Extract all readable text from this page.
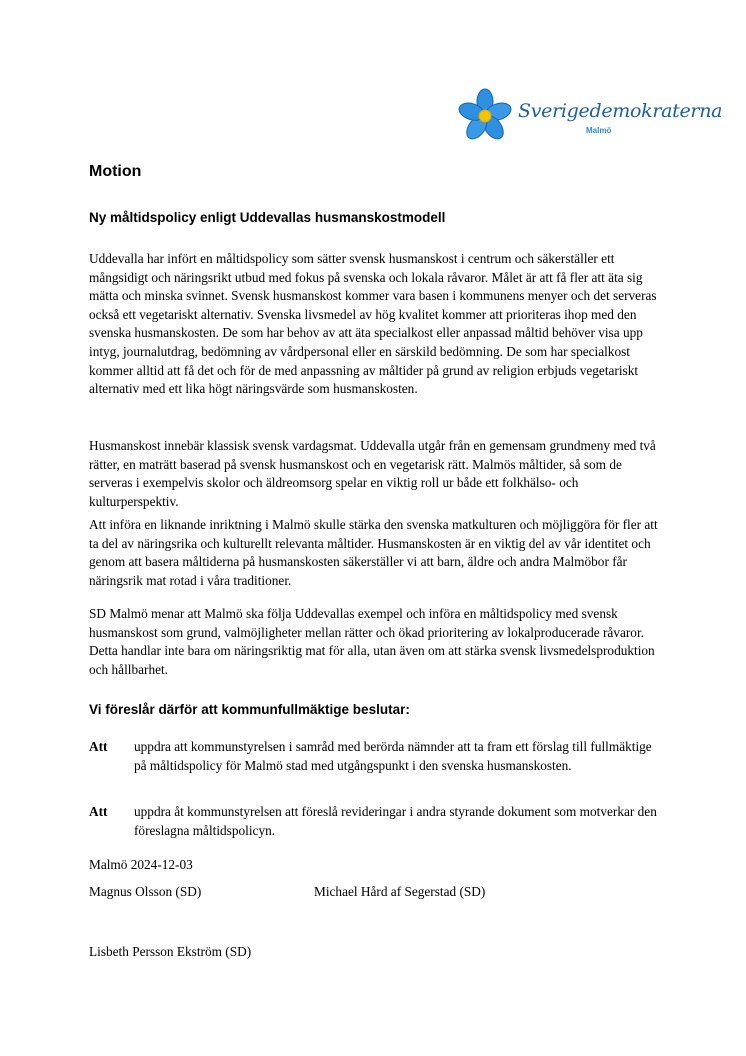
Sverigedemokraterna
Malmö
Motion
Ny måltidspolicy enligt Uddevallas husmanskostmodell

Uddevalla har infört en måltidspolicy som sätter svensk husmanskost i centrum och säkerställer ett mångsidigt och näringsrikt utbud med fokus på svenska och lokala råvaror. Målet är att få fler att äta sig mätta och minska svinnet. Svensk husmanskost kommer vara basen i kommunens menyer och det serveras också ett vegetariskt alternativ. Svenska livsmedel av hög kvalitet kommer att prioriteras ihop med den svenska husmanskosten. De som har behov av att äta specialkost eller anpassad måltid behöver visa upp intyg, journalutdrag, bedömning av vårdpersonal eller en särskild bedömning. De som har specialkost kommer alltid att få det och för de med anpassning av måltider på grund av religion erbjuds vegetariskt alternativ med ett lika högt näringsvärde som husmanskosten.

Husmanskost innebär klassisk svensk vardagsmat. Uddevalla utgår från en gemensam grundmeny med två rätter, en maträtt baserad på svensk husmanskost och en vegetarisk rätt. Malmös måltider, så som de serveras i exempelvis skolor och äldreomsorg spelar en viktig roll ur både ett folkhälso- och kulturperspektiv.

Att införa en liknande inriktning i Malmö skulle stärka den svenska matkulturen och möjliggöra för fler att ta del av näringsrika och kulturellt relevanta måltider. Husmanskosten är en viktig del av vår identitet och genom att basera måltiderna på husmanskosten säkerställer vi att barn, äldre och andra Malmöbor får näringsrik mat rotad i våra traditioner.

SD Malmö menar att Malmö ska följa Uddevallas exempel och införa en måltidspolicy med svensk husmanskost som grund, valmöjligheter mellan rätter och ökad prioritering av lokalproducerade råvaror. Detta handlar inte bara om näringsriktig mat för alla, utan även om att stärka svensk livsmedelsproduktion och hållbarhet.

Vi föreslår därför att kommunfullmäktige beslutar:
Att uppdra att kommunstyrelsen i samråd med berörda nämnder att ta fram ett förslag till fullmäktige på måltidspolicy för Malmö stad med utgångspunkt i den svenska husmanskosten.

Att uppdra åt kommunstyrelsen att föreslå revideringar i andra styrande dokument som motverkar den föreslagna måltidspolicyn.

Malmö 2024-12-03
Magnus Olsson (SD)	Michael Hård af Segerstad (SD)
Lisbeth Persson Ekström (SD)
